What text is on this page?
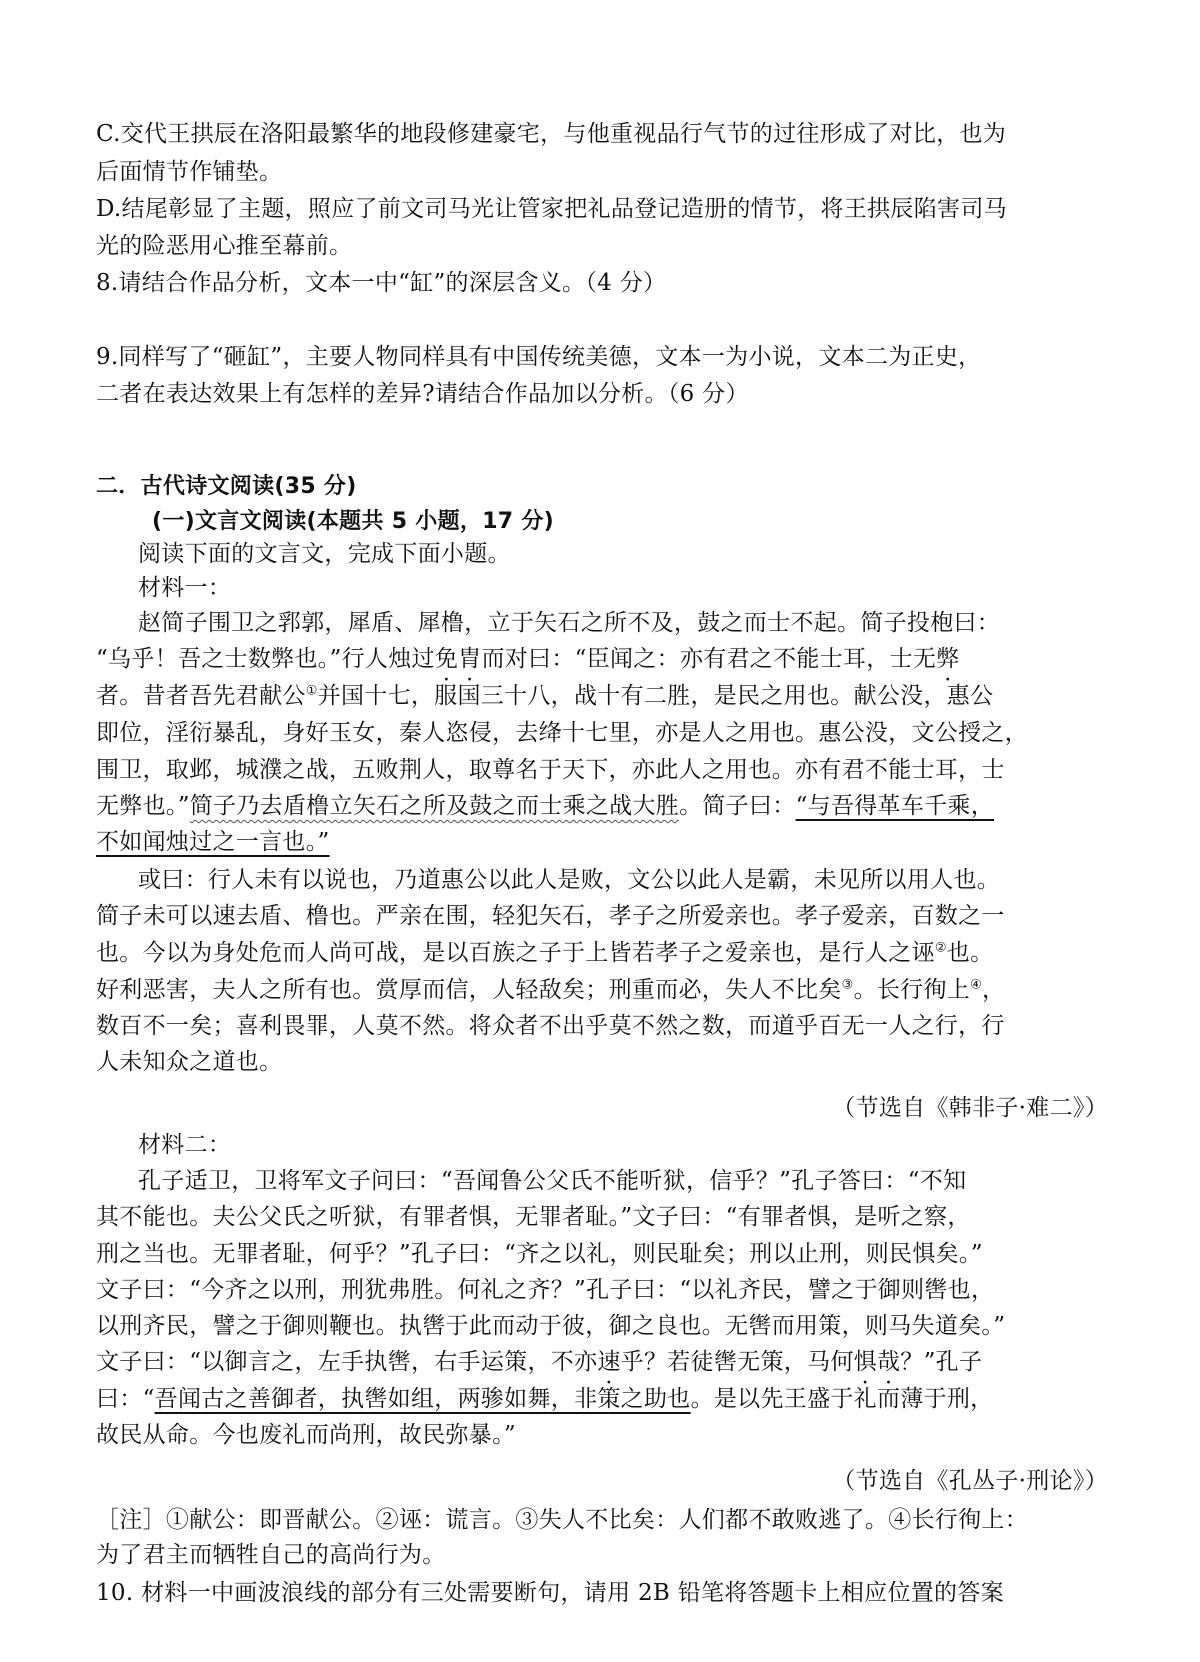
C.交代王拱辰在洛阳最繁华的地段修建豪宅，与他重视品行气节的过往形成了对比，也为
后面情节作铺垫。
D.结尾彰显了主题，照应了前文司马光让管家把礼品登记造册的情节，将王拱辰陷害司马
光的险恶用心推至幕前。
8.请结合作品分析，文本一中“缸”的深层含义。（4 分）
9.同样写了“砸缸”，主要人物同样具有中国传统美德，文本一为小说，文本二为正史，
二者在表达效果上有怎样的差异?请结合作品加以分析。（6 分）
二．古代诗文阅读(35 分)
(一)文言文阅读(本题共 5 小题，17 分)
阅读下面的文言文，完成下面小题。
材料一：
赵简子围卫之郛郭，犀盾、犀橹，立于矢石之所不及，鼓之而士不起。简子投枹曰：
“乌乎！吾之士数弊也。”行人烛过免胄而对曰：“臣闻之：亦有君之不能士耳，士无弊
者。昔者吾先君献公①并国十七，服国三十八，战十有二胜，是民之用也。献公没，惠公
即位，淫衍暴乱，身好玉女，秦人恣侵，去绛十七里，亦是人之用也。惠公没，文公授之，
围卫，取邺，城濮之战，五败荆人，取尊名于天下，亦此人之用也。亦有君不能士耳，士
无弊也。”简子乃去盾橹立矢石之所及鼓之而士乘之战大胜。简子曰：“与吾得革车千乘，
不如闻烛过之一言也。”
或曰：行人未有以说也，乃道惠公以此人是败，文公以此人是霸，未见所以用人也。
简子未可以速去盾、橹也。严亲在围，轻犯矢石，孝子之所爱亲也。孝子爱亲，百数之一
也。今以为身处危而人尚可战，是以百族之子于上皆若孝子之爱亲也，是行人之诬②也。
好利恶害，夫人之所有也。赏厚而信，人轻敌矣；刑重而必，失人不比矣③。长行徇上④，
数百不一矣；喜利畏罪，人莫不然。将众者不出乎莫不然之数，而道乎百无一人之行，行
人未知众之道也。
（节选自《韩非子·难二》）
材料二：
孔子适卫，卫将军文子问曰：“吾闻鲁公父氏不能听狱，信乎？”孔子答曰：“不知
其不能也。夫公父氏之听狱，有罪者惧，无罪者耻。”文子曰：“有罪者惧，是听之察，
刑之当也。无罪者耻，何乎？”孔子曰：“齐之以礼，则民耻矣；刑以止刑，则民惧矣。”
文子曰：“今齐之以刑，刑犹弗胜。何礼之齐？”孔子曰：“以礼齐民，譬之于御则辔也，
以刑齐民，譬之于御则鞭也。执辔于此而动于彼，御之良也。无辔而用策，则马失道矣。”
文子曰：“以御言之，左手执辔，右手运策，不亦速乎？若徒辔无策，马何惧哉？”孔子
曰：“吾闻古之善御者，执辔如组，两骖如舞，非策之助也。是以先王盛于礼而薄于刑，
故民从命。今也废礼而尚刑，故民弥暴。”
（节选自《孔丛子·刑论》）
［注］①献公：即晋献公。②诬：谎言。③失人不比矣：人们都不敢败逃了。④长行徇上：
为了君主而牺牲自己的高尚行为。
10. 材料一中画波浪线的部分有三处需要断句，请用 2B 铅笔将答题卡上相应位置的答案
